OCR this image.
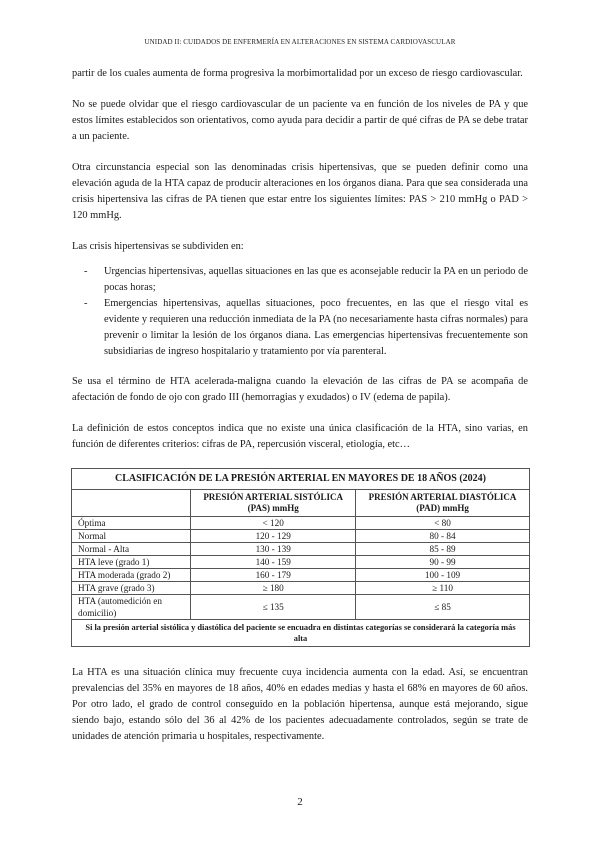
UNIDAD II: CUIDADOS DE ENFERMERÍA EN ALTERACIONES EN SISTEMA CARDIOVASCULAR

partir de los cuales aumenta de forma progresiva la morbimortalidad por un exceso de riesgo cardiovascular.

No se puede olvidar que el riesgo cardiovascular de un paciente va en función de los niveles de PA y que estos límites establecidos son orientativos, como ayuda para decidir a partir de qué cifras de PA se debe tratar a un paciente.

Otra circunstancia especial son las denominadas crisis hipertensivas, que se pueden definir como una elevación aguda de la HTA capaz de producir alteraciones en los órganos diana. Para que sea considerada una crisis hipertensiva las cifras de PA tienen que estar entre los siguientes límites: PAS > 210 mmHg o PAD > 120 mmHg.

Las crisis hipertensivas se subdividen en:

- Urgencias hipertensivas, aquellas situaciones en las que es aconsejable reducir la PA en un periodo de pocas horas;
- Emergencias hipertensivas, aquellas situaciones, poco frecuentes, en las que el riesgo vital es evidente y requieren una reducción inmediata de la PA (no necesariamente hasta cifras normales) para prevenir o limitar la lesión de los órganos diana. Las emergencias hipertensivas frecuentemente son subsidiarias de ingreso hospitalario y tratamiento por vía parenteral.

Se usa el término de HTA acelerada-maligna cuando la elevación de las cifras de PA se acompaña de afectación de fondo de ojo con grado III (hemorragias y exudados) o IV (edema de papila).

La definición de estos conceptos indica que no existe una única clasificación de la HTA, sino varias, en función de diferentes criterios: cifras de PA, repercusión visceral, etiología, etc…

CLASIFICACIÓN DE LA PRESIÓN ARTERIAL EN MAYORES DE 18 AÑOS (2024)		
	PRESIÓN ARTERIAL SISTÓLICA (PAS) mmHg	PRESIÓN ARTERIAL DIASTÓLICA (PAD) mmHg
Óptima	< 120	< 80
Normal	120 - 129	80 - 84
Normal - Alta	130 - 139	85 - 89
HTA leve (grado 1)	140 - 159	90 - 99
HTA moderada (grado 2)	160 - 179	100 - 109
HTA grave (grado 3)	≥ 180	≥ 110
HTA (automedición en domicilio)	≤ 135	≤ 85
Si la presión arterial sistólica y diastólica del paciente se encuadra en distintas categorías se considerará la categoría más alta		

La HTA es una situación clínica muy frecuente cuya incidencia aumenta con la edad. Así, se encuentran prevalencias del 35% en mayores de 18 años, 40% en edades medias y hasta el 68% en mayores de 60 años. Por otro lado, el grado de control conseguido en la población hipertensa, aunque está mejorando, sigue siendo bajo, estando sólo del 36 al 42% de los pacientes adecuadamente controlados, según se trate de unidades de atención primaria u hospitales, respectivamente.

2
